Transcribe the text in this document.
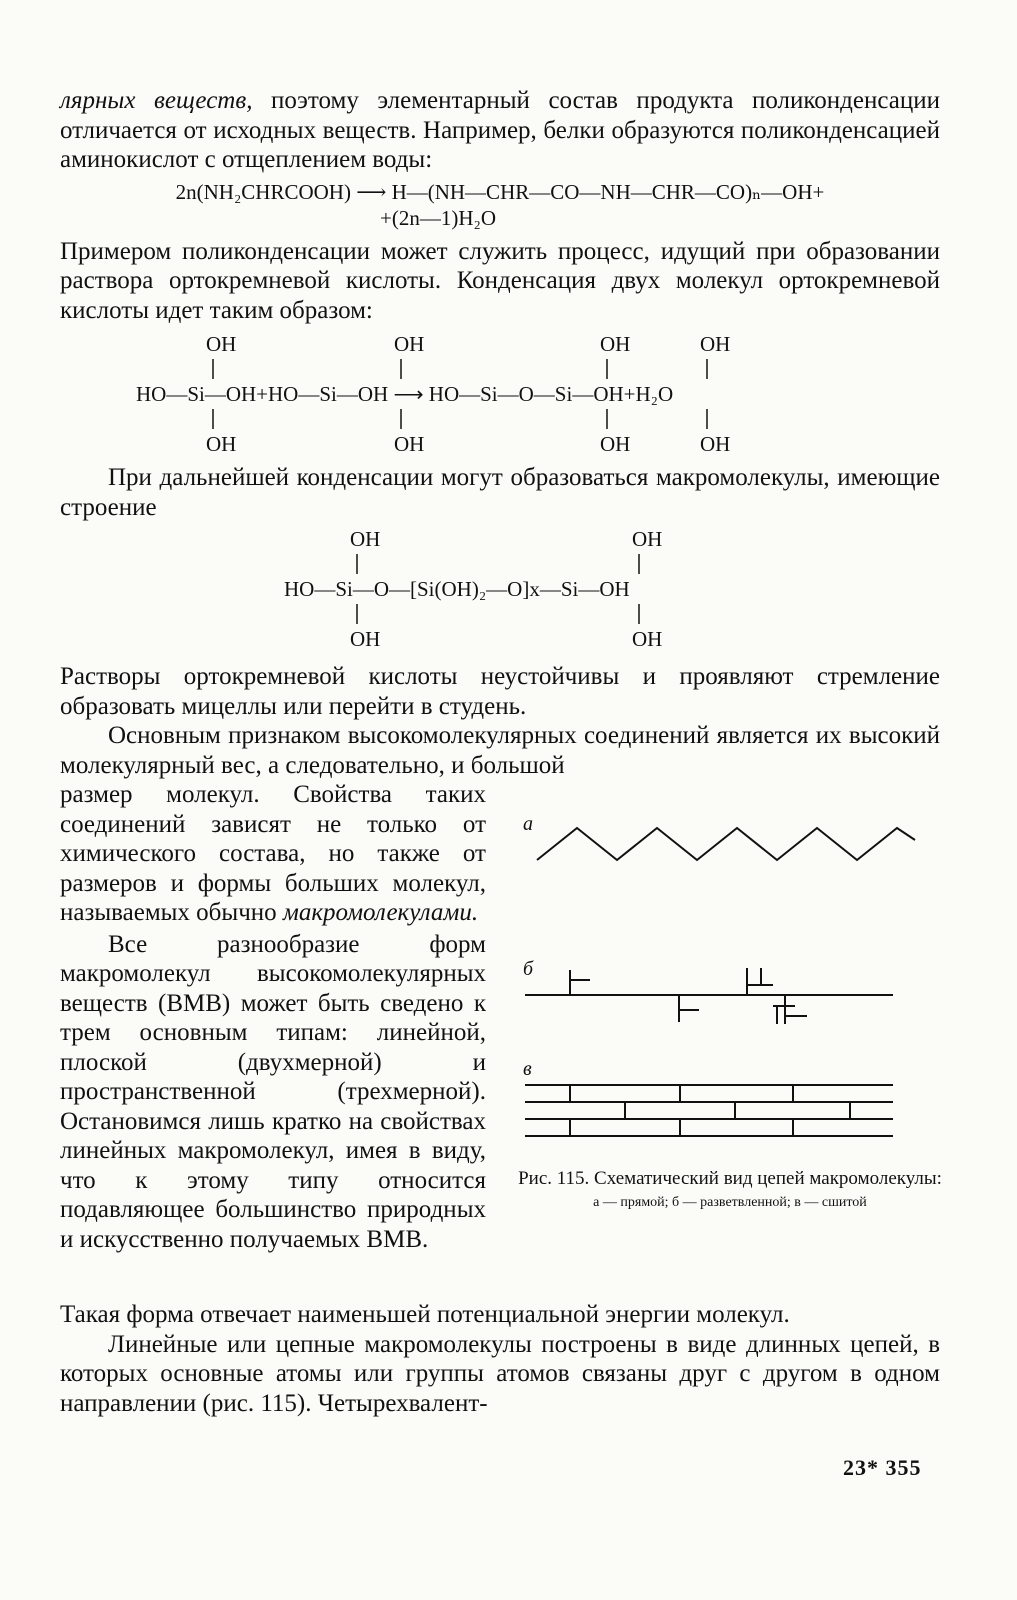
лярных веществ, поэтому элементарный состав продукта поликонденсации отличается от исходных веществ. Например, белки образуются поликонденсацией аминокислот с отщеплением воды:

2n(NH₂CHRCOOH) ⟶ H—(NH—CHR—CO—NH—CHR—CO)ₙ—OH+
+(2n—1)H₂O

Примером поликонденсации может служить процесс, идущий при образовании раствора ортокремневой кислоты. Конденсация двух молекул ортокремневой кислоты идет таким образом:

OH	OH	OH	OH
HO—Si—OH+HO—Si—OH ⟶ HO—Si—O—Si—OH+H₂O
OH	OH	OH	OH

При дальнейшей конденсации могут образоваться макромолекулы, имеющие строение

OH	OH
HO—Si—O—[Si(OH)₂—O]x—Si—OH
OH	OH

Растворы ортокремневой кислоты неустойчивы и проявляют стремление образовать мицеллы или перейти в студень.

Основным признаком высокомолекулярных соединений является их высокий молекулярный вес, а следовательно, и большой

размер молекул. Свойства таких соединений зависят не только от химического состава, но также от размеров и формы больших молекул, называемых обычно макромолекулами.

Все разнообразие форм макромолекул высокомолекулярных веществ (ВМВ) может быть сведено к трем основным типам: линейной, плоской (двухмерной) и пространственной (трехмерной). Остановимся лишь кратко на свойствах линейных макромолекул, имея в виду, что к этому типу относится подавляющее большинство природных и искусственно получаемых ВМВ.

а
б
в
Рис. 115. Схематический вид цепей макромолекулы:
а — прямой; б — разветвленной; в — сшитой

Такая форма отвечает наименьшей потенциальной энергии молекул.

Линейные или цепные макромолекулы построены в виде длинных цепей, в которых основные атомы или группы атомов связаны друг с другом в одном направлении (рис. 115). Четырехвалент-

23* 355
